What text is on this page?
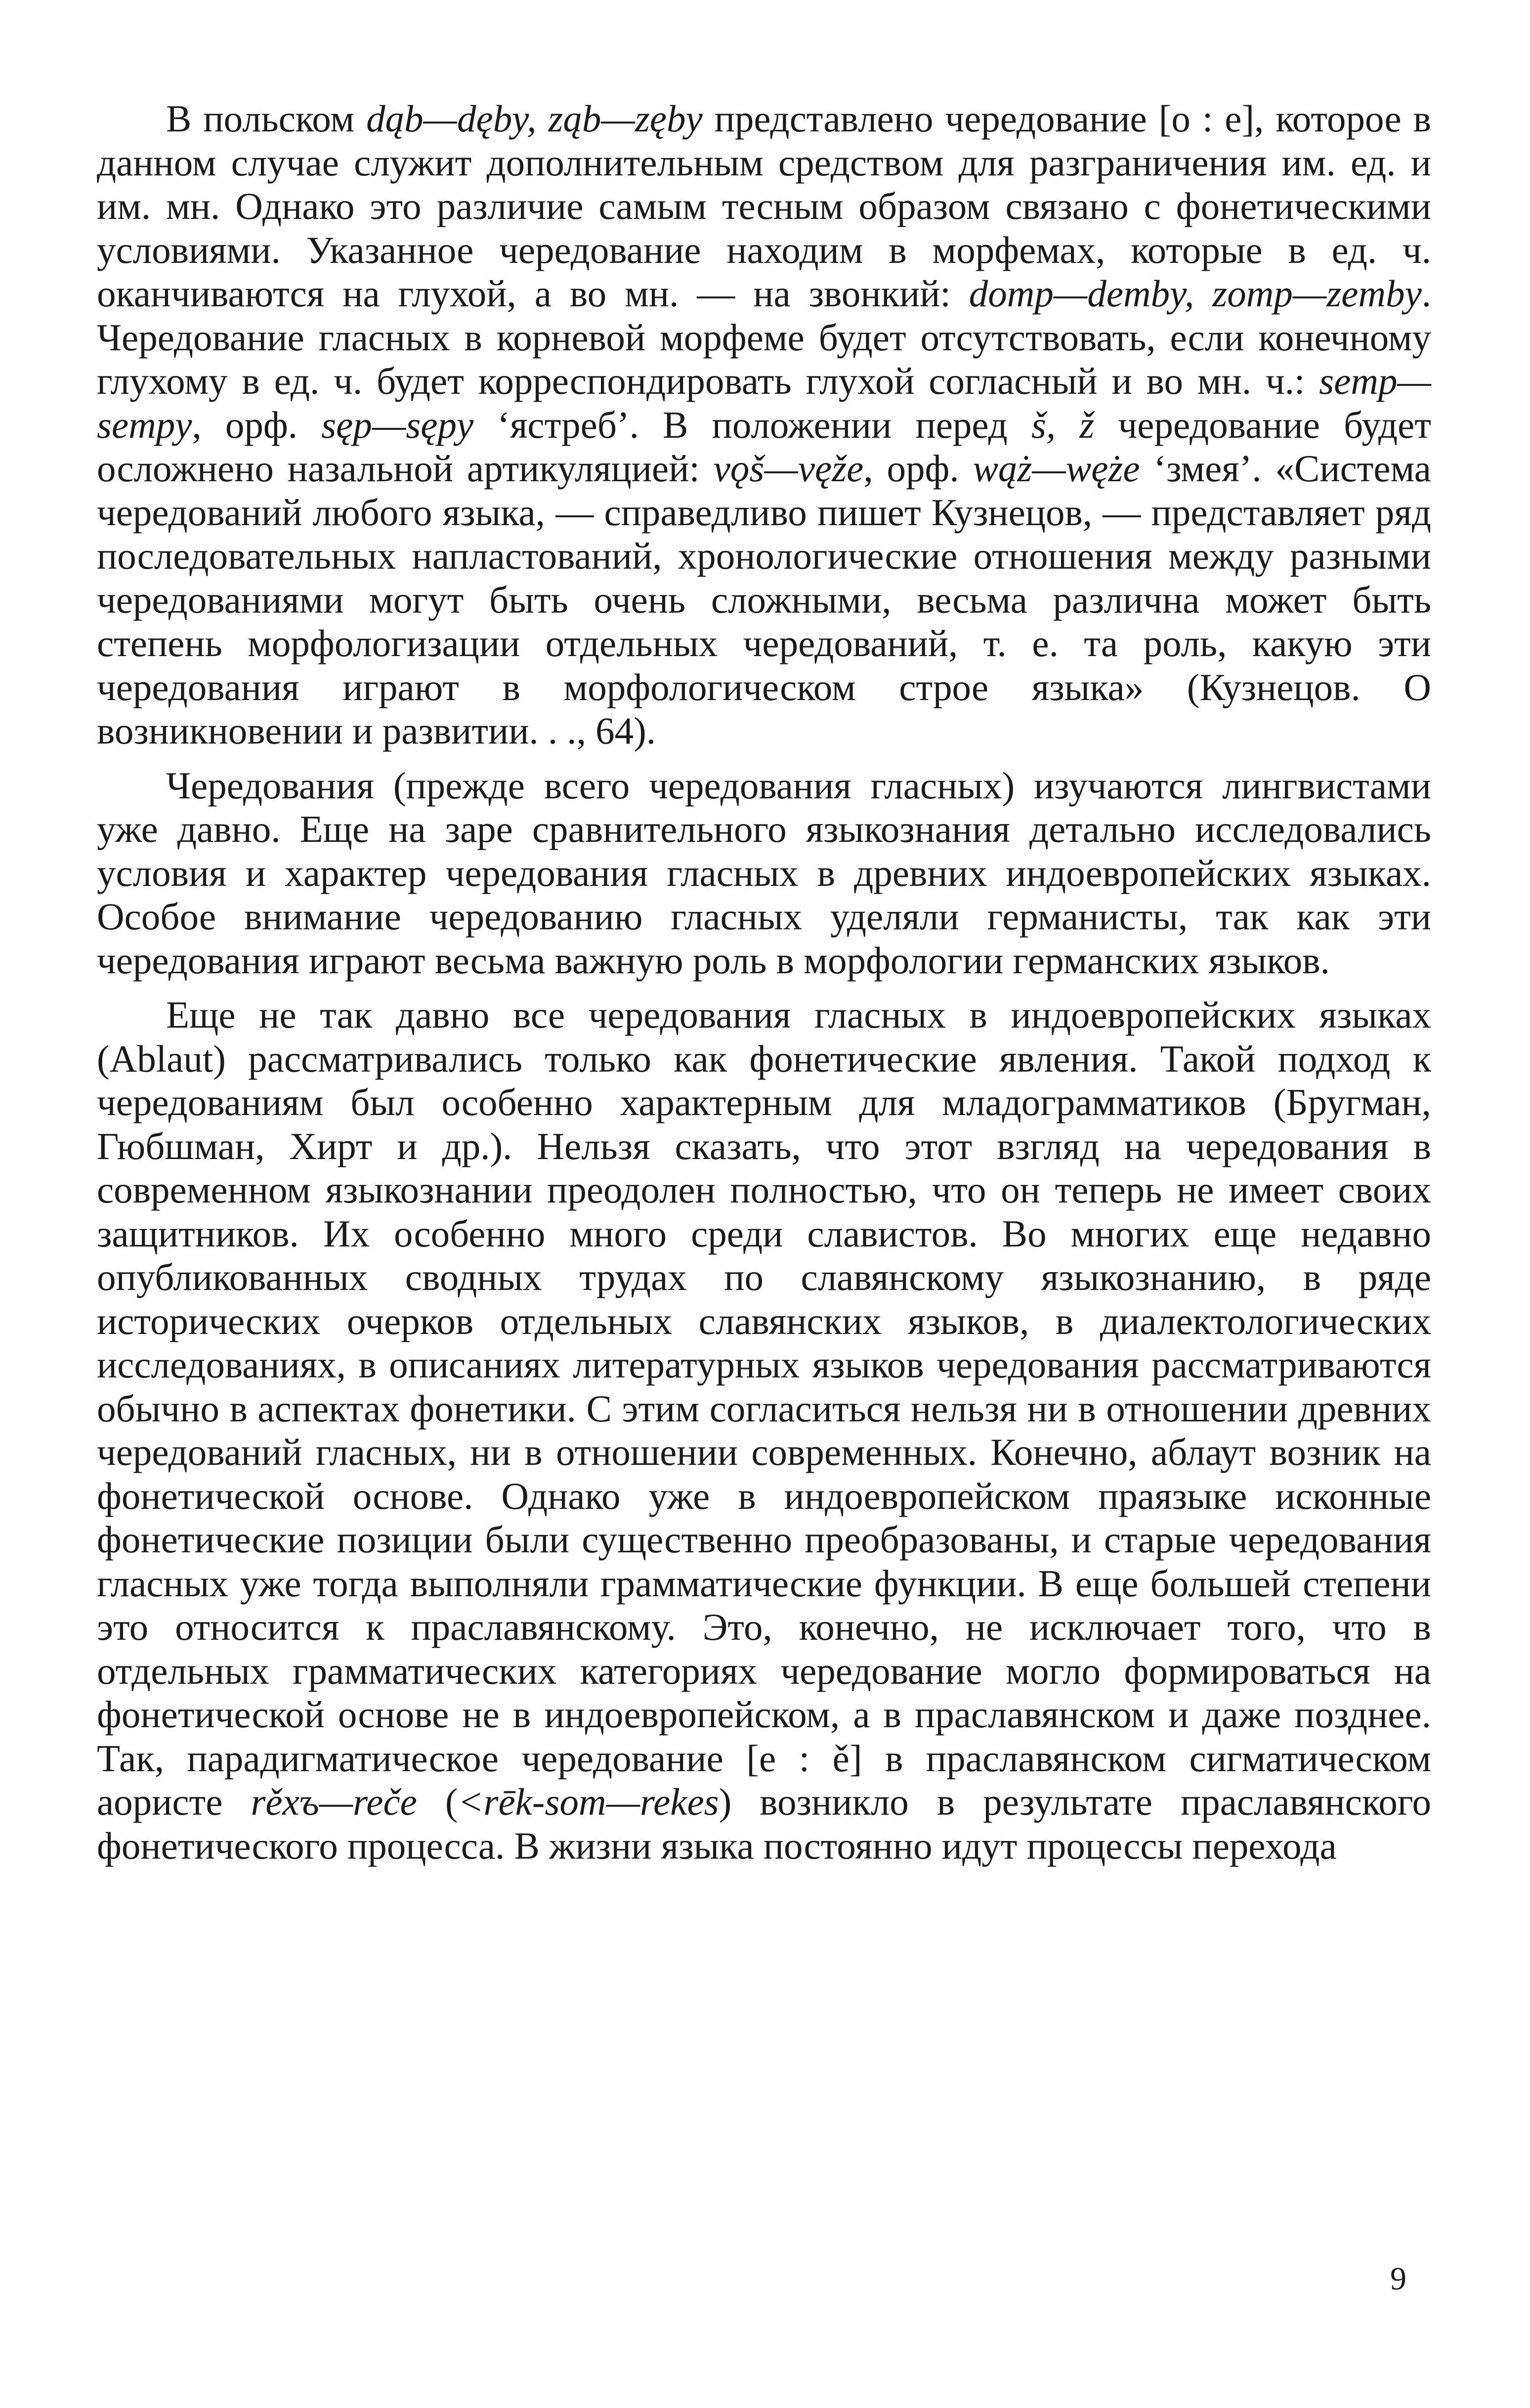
В польском dąb—dęby, ząb—zęby представлено чередование [o : e], которое в данном случае служит дополнительным средством для разграничения им. ед. и им. мн. Однако это различие самым тесным образом связано с фонетическими условиями. Указанное чередование находим в морфемах, которые в ед. ч. оканчиваются на глухой, а во мн. — на звонкий: domp—demby, zomp—zemby. Чередование гласных в корневой морфеме будет отсутствовать, если конечному глухому в ед. ч. будет корреспондировать глухой согласный и во мн. ч.: semp—sempy, орф. sęp—sępy ‘ястреб’. В положении перед š, ž чередование будет осложнено назальной артикуляцией: vǫš—vęže, орф. wąż—węże ‘змея’. «Система чередований любого языка, — справедливо пишет Кузнецов, — представляет ряд последовательных напластований, хронологические отношения между разными чередованиями могут быть очень сложными, весьма различна может быть степень морфологизации отдельных чередований, т. е. та роль, какую эти чередования играют в морфологическом строе языка» (Кузнецов. О возникновении и развитии. . ., 64).

Чередования (прежде всего чередования гласных) изучаются лингвистами уже давно. Еще на заре сравнительного языкознания детально исследовались условия и характер чередования гласных в древних индоевропейских языках. Особое внимание чередованию гласных уделяли германисты, так как эти чередования играют весьма важную роль в морфологии германских языков.

Еще не так давно все чередования гласных в индоевропейских языках (Ablaut) рассматривались только как фонетические явления. Такой подход к чередованиям был особенно характерным для младограмматиков (Бругман, Гюбшман, Хирт и др.). Нельзя сказать, что этот взгляд на чередования в современном языкознании преодолен полностью, что он теперь не имеет своих защитников. Их особенно много среди славистов. Во многих еще недавно опубликованных сводных трудах по славянскому языкознанию, в ряде исторических очерков отдельных славянских языков, в диалектологических исследованиях, в описаниях литературных языков чередования рассматриваются обычно в аспектах фонетики. С этим согласиться нельзя ни в отношении древних чередований гласных, ни в отношении современных. Конечно, аблаут возник на фонетической основе. Однако уже в индоевропейском праязыке исконные фонетические позиции были существенно преобразованы, и старые чередования гласных уже тогда выполняли грамматические функции. В еще большей степени это относится к праславянскому. Это, конечно, не исключает того, что в отдельных грамматических категориях чередование могло формироваться на фонетической основе не в индоевропейском, а в праславянском и даже позднее. Так, парадигматическое чередование [e : ě] в праславянском сигматическом аористе rěxъ—reče (<rēk-som—rekes) возникло в результате праславянского фонетического процесса. В жизни языка постоянно идут процессы перехода

9
